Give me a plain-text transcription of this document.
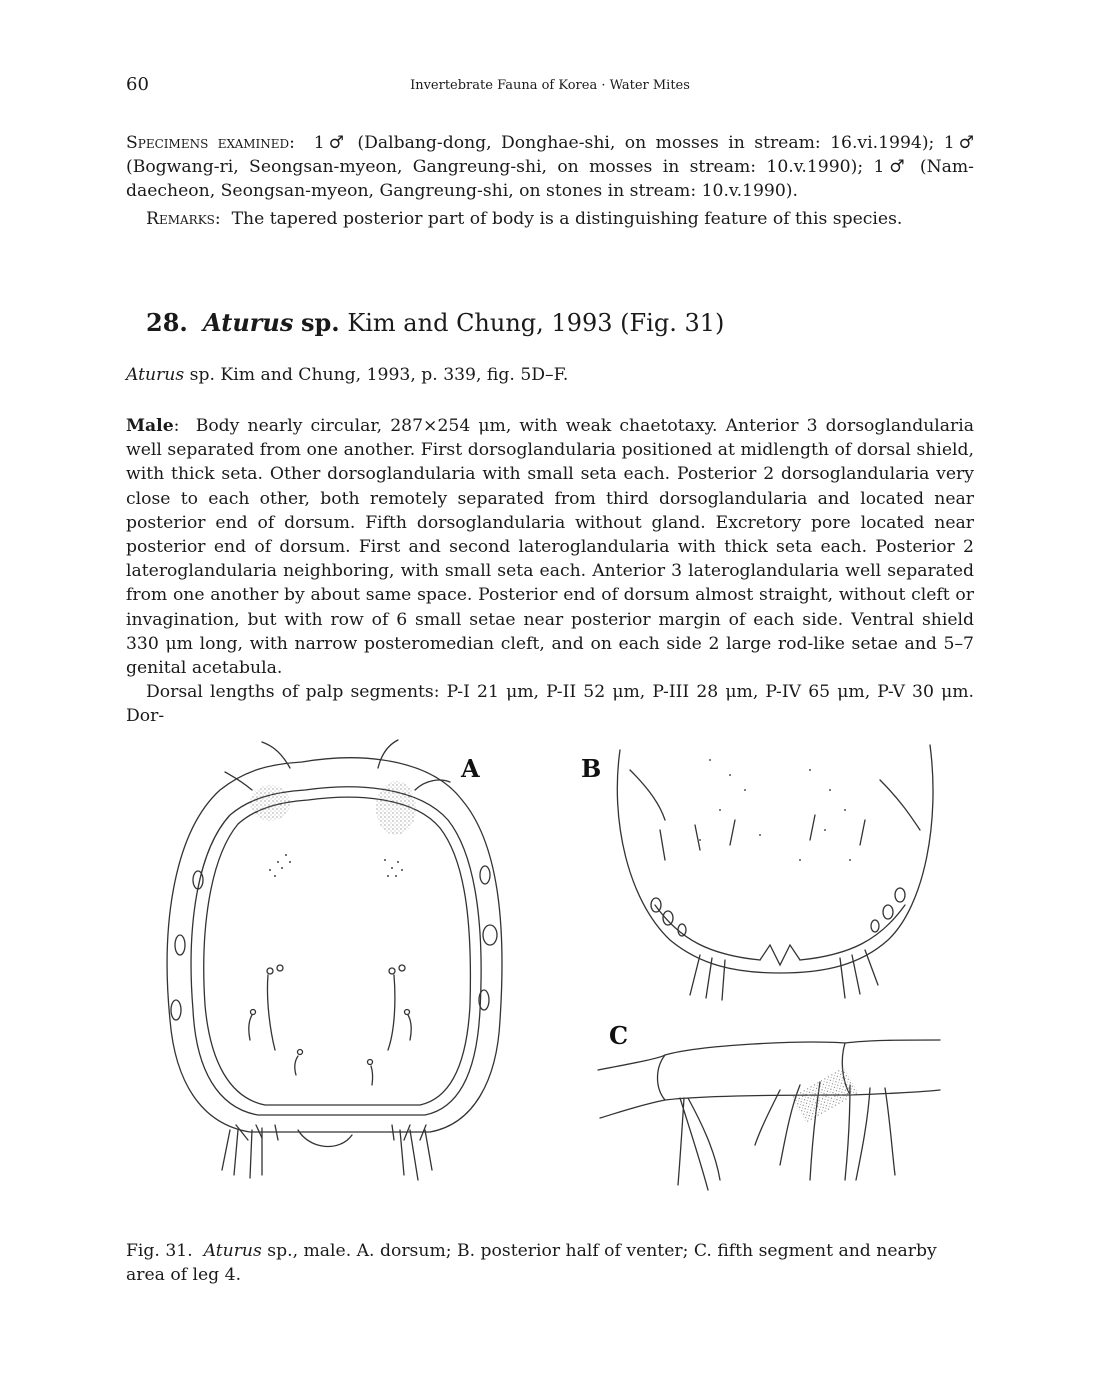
60	Invertebrate Fauna of Korea · Water Mites

Specimens examined:  1♂ (Dalbang-dong, Donghae-shi, on mosses in stream: 16.vi.1994); 1♂ (Bogwang-ri, Seongsan-myeon, Gangreung-shi, on mosses in stream: 10.v.1990); 1♂ (Nam-daecheon, Seongsan-myeon, Gangreung-shi, on stones in stream: 10.v.1990).

Remarks:  The tapered posterior part of body is a distinguishing feature of this species.

28. Aturus sp. Kim and Chung, 1993 (Fig. 31)
Aturus sp. Kim and Chung, 1993, p. 339, fig. 5D–F.

Male:  Body nearly circular, 287×254 μm, with weak chaetotaxy. Anterior 3 dorsoglandularia well separated from one another. First dorsoglandularia positioned at midlength of dorsal shield, with thick seta. Other dorsoglandularia with small seta each. Posterior 2 dorsoglandularia very close to each other, both remotely separated from third dorsoglandularia and located near posterior end of dorsum. Fifth dorsoglandularia without gland. Excretory pore located near posterior end of dorsum. First and second lateroglandularia with thick seta each. Posterior 2 lateroglandularia neighboring, with small seta each. Anterior 3 lateroglandularia well separated from one another by about same space. Posterior end of dorsum almost straight, without cleft or invagination, but with row of 6 small setae near posterior margin of each side. Ventral shield 330 μm long, with narrow posteromedian cleft, and on each side 2 large rod-like setae and 5–7 genital acetabula.
Dorsal lengths of palp segments: P-I 21 μm, P-II 52 μm, P-III 28 μm, P-IV 65 μm, P-V 30 μm. Dor-

A	B
C
Fig. 31. Aturus sp., male. A. dorsum; B. posterior half of venter; C. fifth segment and nearby area of leg 4.
